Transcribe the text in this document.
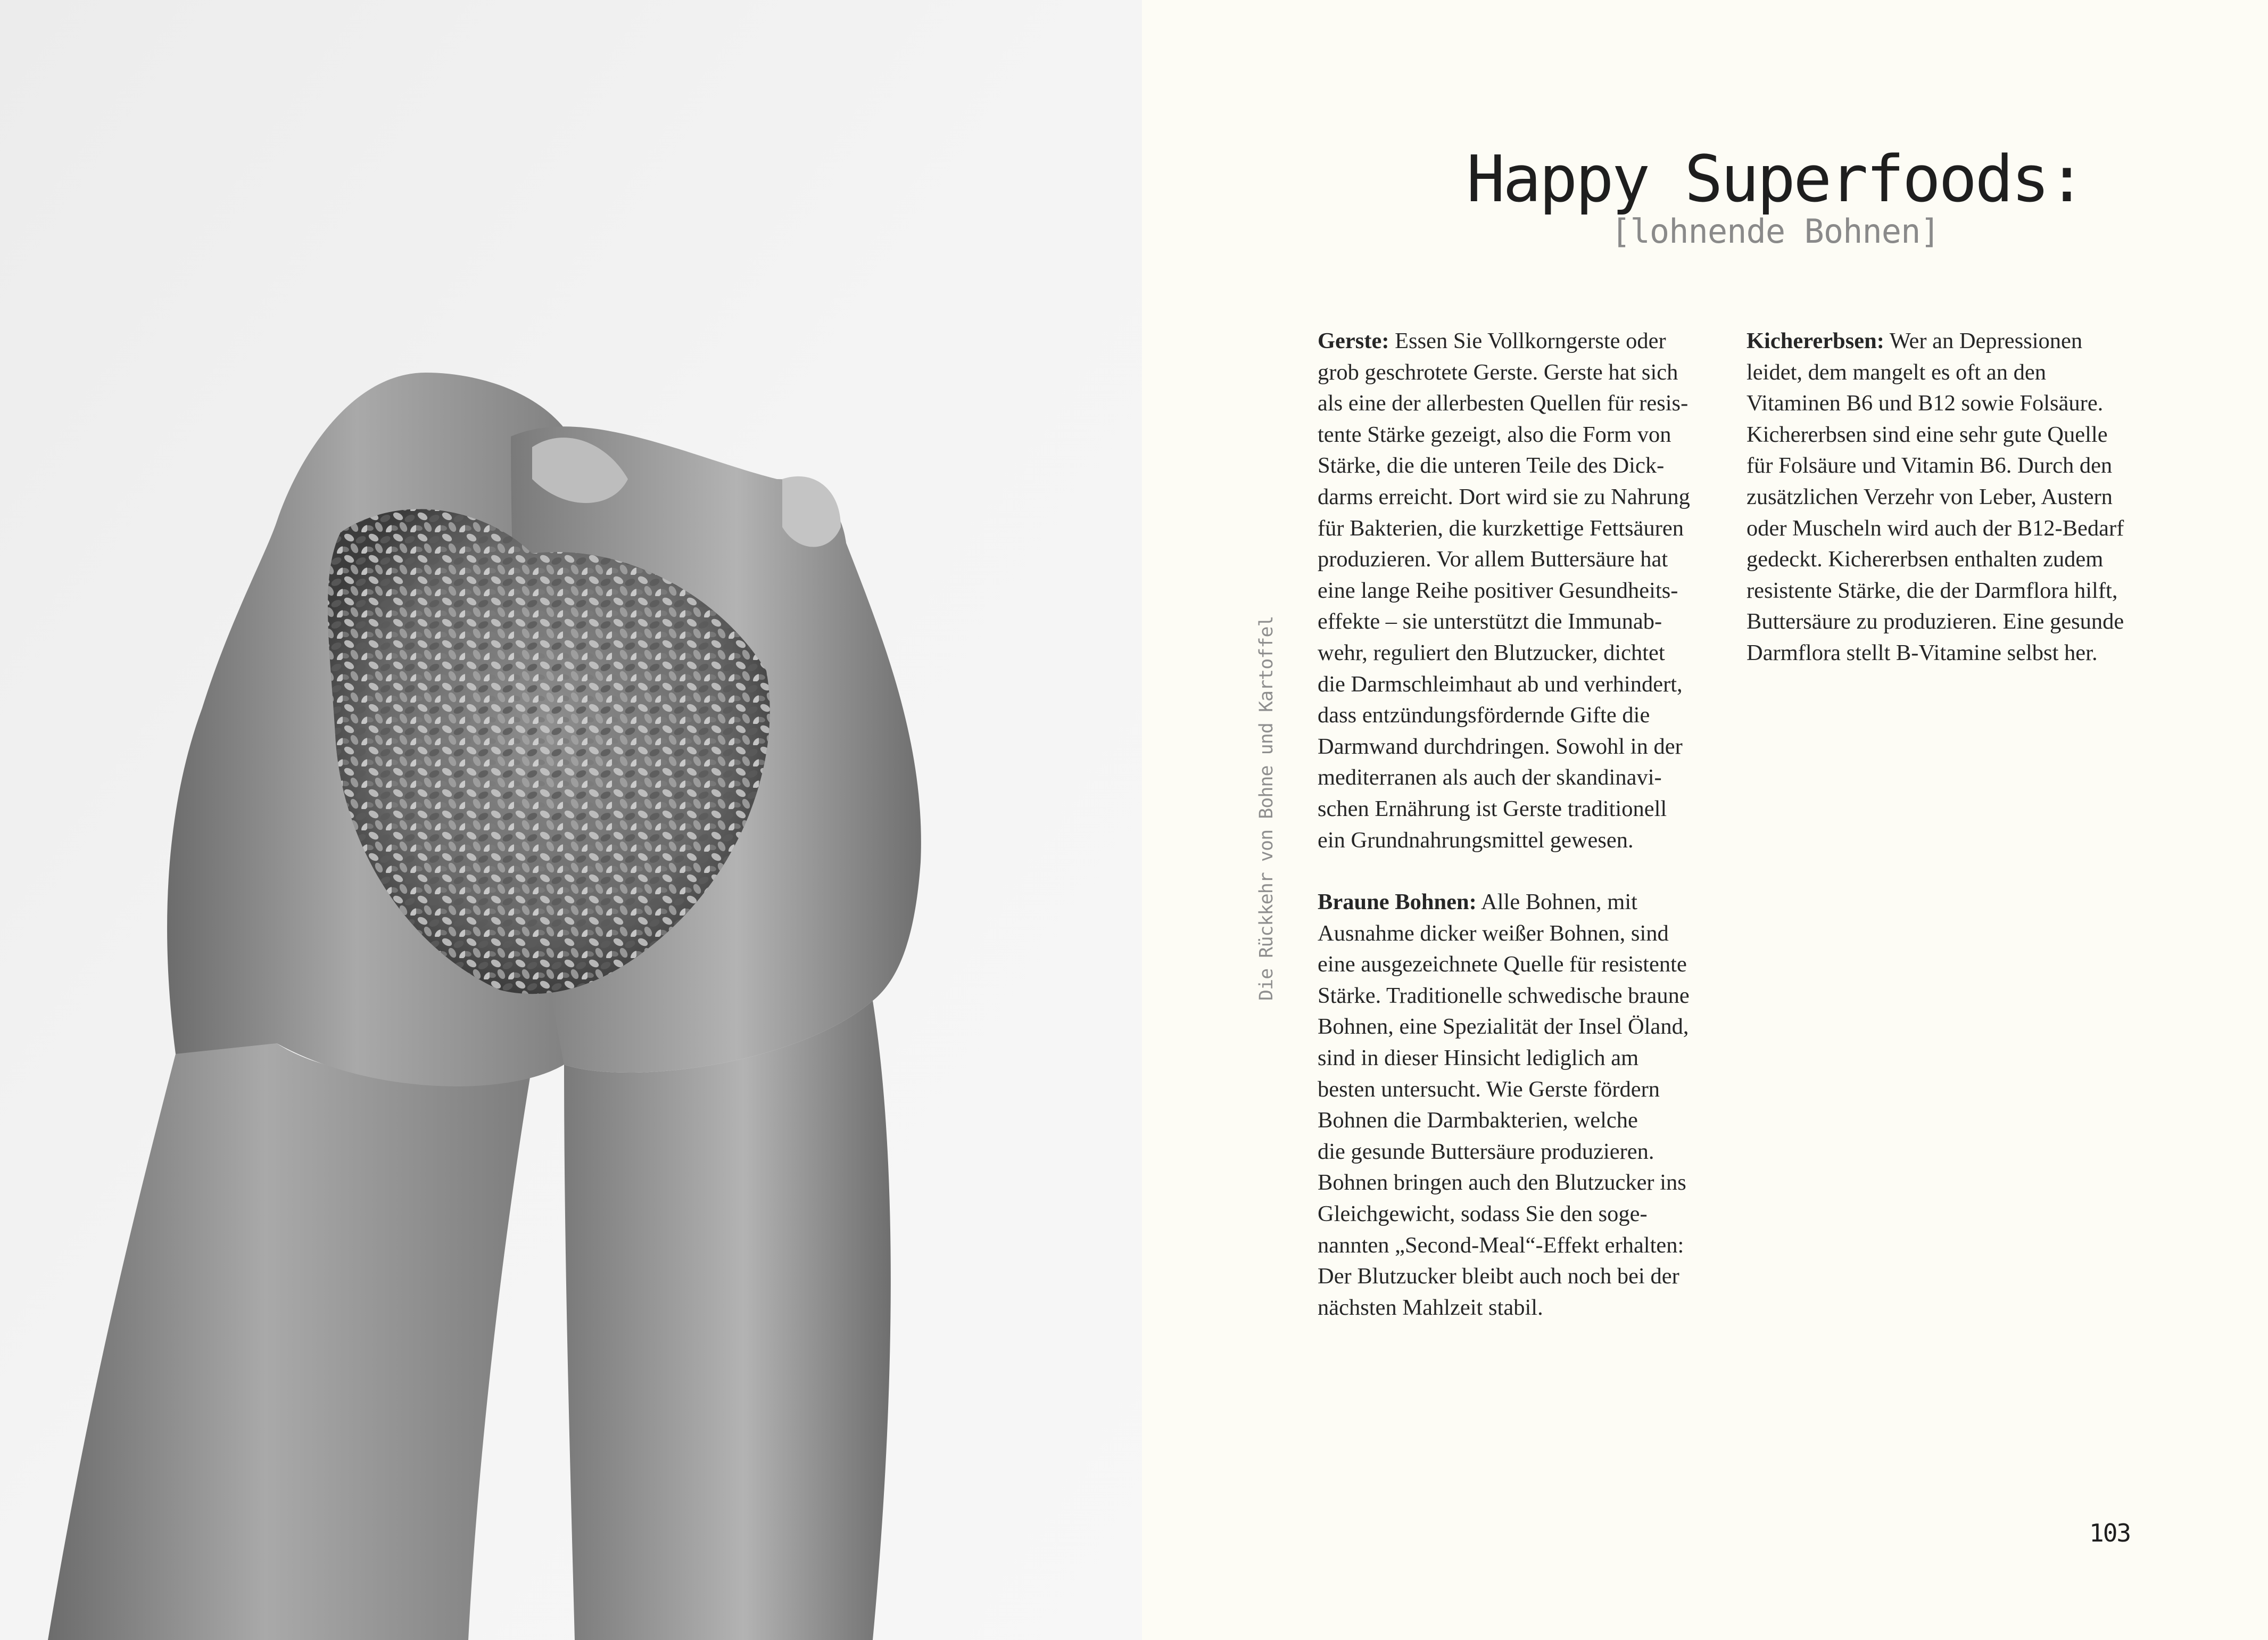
Happy Superfoods:
[lohnende Bohnen]
Die Rückkehr von Bohne und Kartoffel

Gerste: Essen Sie Vollkorngerste oder
grob geschrotete Gerste. Gerste hat sich
als eine der allerbesten Quellen für resis-
tente Stärke gezeigt, also die Form von
Stärke, die die unteren Teile des Dick-
darms erreicht. Dort wird sie zu Nahrung
für Bakterien, die kurzkettige Fettsäuren
produzieren. Vor allem Buttersäure hat
eine lange Reihe positiver Gesundheits-
effekte – sie unterstützt die Immunab-
wehr, reguliert den Blutzucker, dichtet
die Darmschleimhaut ab und verhindert,
dass entzündungsfördernde Gifte die
Darmwand durchdringen. Sowohl in der
mediterranen als auch der skandinavi-
schen Ernährung ist Gerste traditionell
ein Grundnahrungsmittel gewesen.

Braune Bohnen: Alle Bohnen, mit
Ausnahme dicker weißer Bohnen, sind
eine ausgezeichnete Quelle für resistente
Stärke. Traditionelle schwedische braune
Bohnen, eine Spezialität der Insel Öland,
sind in dieser Hinsicht lediglich am
besten untersucht. Wie Gerste fördern
Bohnen die Darmbakterien, welche
die gesunde Buttersäure produzieren.
Bohnen bringen auch den Blutzucker ins
Gleichgewicht, sodass Sie den soge-
nannten „Second-Meal“-Effekt erhalten:
Der Blutzucker bleibt auch noch bei der
nächsten Mahlzeit stabil.

Kichererbsen: Wer an Depressionen
leidet, dem mangelt es oft an den
Vitaminen B6 und B12 sowie Folsäure.
Kichererbsen sind eine sehr gute Quelle
für Folsäure und Vitamin B6. Durch den
zusätzlichen Verzehr von Leber, Austern
oder Muscheln wird auch der B12-Bedarf
gedeckt. Kichererbsen enthalten zudem
resistente Stärke, die der Darmflora hilft,
Buttersäure zu produzieren. Eine gesunde
Darmflora stellt B-Vitamine selbst her.

103
